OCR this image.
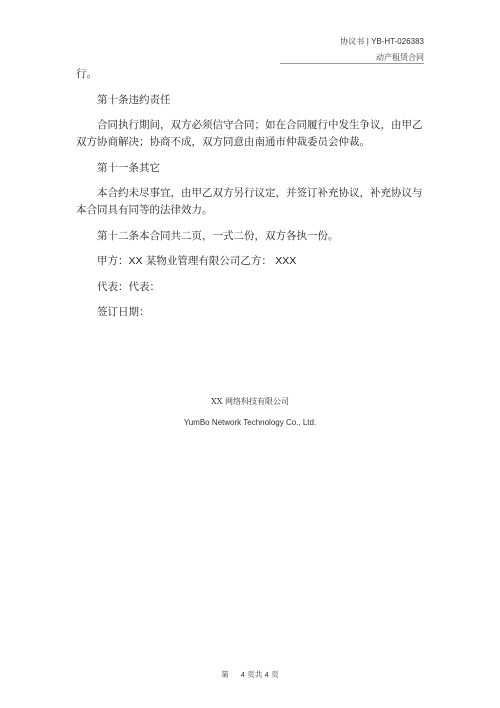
协议书 | YB-HT-026383
动产租赁合同

行。

第十条违约责任

合同执行期间，双方必须信守合同；如在合同履行中发生争议，由甲乙双方协商解决；协商不成，双方同意由南通市仲裁委员会仲裁。

第十一条其它

本合约未尽事宜，由甲乙双方另行议定，并签订补充协议，补充协议与本合同具有同等的法律效力。

第十二条本合同共二页，一式二份，双方各执一份。

甲方：XX 某物业管理有限公司乙方： XXX

代表：代表：

签订日期：

XX 网络科技有限公司
YumBo Network Technology Co., Ltd.
第 4 页共 4 页
